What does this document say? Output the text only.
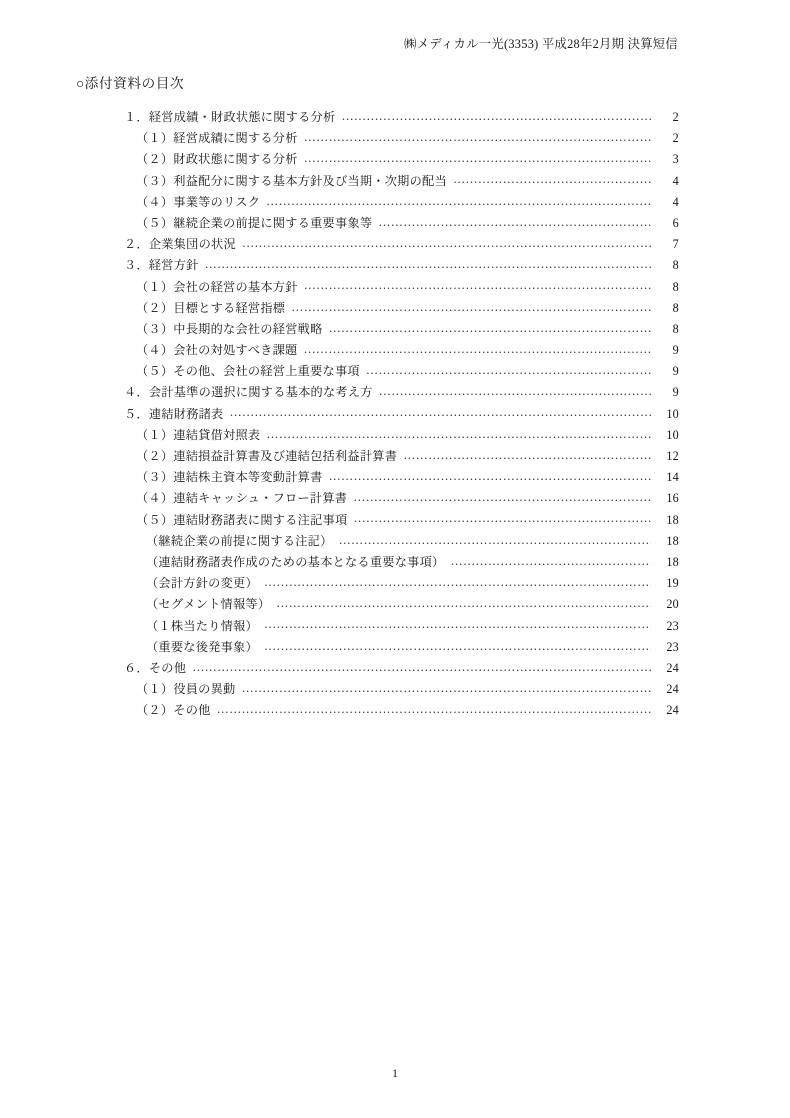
㈱メディカル一光(3353) 平成28年2月期 決算短信
○添付資料の目次
１．経営成績・財政状態に関する分析 ……………………………………………………………………………………………………………………………………………………………………	2
（１）経営成績に関する分析 ……………………………………………………………………………………………………………………………………………………………………	2
（２）財政状態に関する分析 ……………………………………………………………………………………………………………………………………………………………………	3
（３）利益配分に関する基本方針及び当期・次期の配当 ……………………………………………………………………………………………………………………………………………………………………	4
（４）事業等のリスク ……………………………………………………………………………………………………………………………………………………………………	4
（５）継続企業の前提に関する重要事象等 ……………………………………………………………………………………………………………………………………………………………………	6
２．企業集団の状況 ……………………………………………………………………………………………………………………………………………………………………	7
３．経営方針 ……………………………………………………………………………………………………………………………………………………………………	8
（１）会社の経営の基本方針 ……………………………………………………………………………………………………………………………………………………………………	8
（２）目標とする経営指標 ……………………………………………………………………………………………………………………………………………………………………	8
（３）中長期的な会社の経営戦略 ……………………………………………………………………………………………………………………………………………………………………	8
（４）会社の対処すべき課題 ……………………………………………………………………………………………………………………………………………………………………	9
（５）その他、会社の経営上重要な事項 ……………………………………………………………………………………………………………………………………………………………………	9
４．会計基準の選択に関する基本的な考え方 ……………………………………………………………………………………………………………………………………………………………………	9
５．連結財務諸表 ……………………………………………………………………………………………………………………………………………………………………	10
（１）連結貸借対照表 ……………………………………………………………………………………………………………………………………………………………………	10
（２）連結損益計算書及び連結包括利益計算書 ……………………………………………………………………………………………………………………………………………………………………	12
（３）連結株主資本等変動計算書 ……………………………………………………………………………………………………………………………………………………………………	14
（４）連結キャッシュ・フロー計算書 ……………………………………………………………………………………………………………………………………………………………………	16
（５）連結財務諸表に関する注記事項 ……………………………………………………………………………………………………………………………………………………………………	18
（継続企業の前提に関する注記） ……………………………………………………………………………………………………………………………………………………………………	18
（連結財務諸表作成のための基本となる重要な事項） ……………………………………………………………………………………………………………………………………………………………………	18
（会計方針の変更） ……………………………………………………………………………………………………………………………………………………………………	19
（セグメント情報等） ……………………………………………………………………………………………………………………………………………………………………	20
（１株当たり情報） ……………………………………………………………………………………………………………………………………………………………………	23
（重要な後発事象） ……………………………………………………………………………………………………………………………………………………………………	23
６．その他 ……………………………………………………………………………………………………………………………………………………………………	24
（１）役員の異動 ……………………………………………………………………………………………………………………………………………………………………	24
（２）その他 ……………………………………………………………………………………………………………………………………………………………………	24
1
